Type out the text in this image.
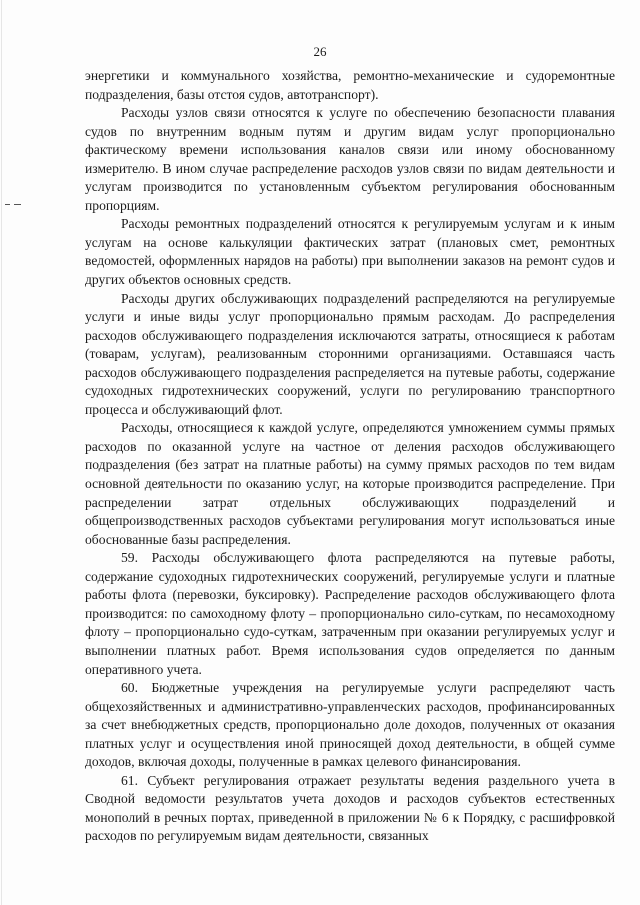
26

энергетики и коммунального хозяйства, ремонтно-механические и судоремонтные подразделения, базы отстоя судов, автотранспорт).

Расходы узлов связи относятся к услуге по обеспечению безопасности плавания судов по внутренним водным путям и другим видам услуг пропорционально фактическому времени использования каналов связи или иному обоснованному измерителю. В ином случае распределение расходов узлов связи по видам деятельности и услугам производится по установленным субъектом регулирования обоснованным пропорциям.

Расходы ремонтных подразделений относятся к регулируемым услугам и к иным услугам на основе калькуляции фактических затрат (плановых смет, ремонтных ведомостей, оформленных нарядов на работы) при выполнении заказов на ремонт судов и других объектов основных средств.

Расходы других обслуживающих подразделений распределяются на регулируемые услуги и иные виды услуг пропорционально прямым расходам. До распределения расходов обслуживающего подразделения исключаются затраты, относящиеся к работам (товарам, услугам), реализованным сторонними организациями. Оставшаяся часть расходов обслуживающего подразделения распределяется на путевые работы, содержание судоходных гидротехнических сооружений, услуги по регулированию транспортного процесса и обслуживающий флот.

Расходы, относящиеся к каждой услуге, определяются умножением суммы прямых расходов по оказанной услуге на частное от деления расходов обслуживающего подразделения (без затрат на платные работы) на сумму прямых расходов по тем видам основной деятельности по оказанию услуг, на которые производится распределение. При распределении затрат отдельных обслуживающих подразделений и общепроизводственных расходов субъектами регулирования могут использоваться иные обоснованные базы распределения.

59. Расходы обслуживающего флота распределяются на путевые работы, содержание судоходных гидротехнических сооружений, регулируемые услуги и платные работы флота (перевозки, буксировку). Распределение расходов обслуживающего флота производится: по самоходному флоту – пропорционально сило-суткам, по несамоходному флоту – пропорционально судо-суткам, затраченным при оказании регулируемых услуг и выполнении платных работ. Время использования судов определяется по данным оперативного учета.

60. Бюджетные учреждения на регулируемые услуги распределяют часть общехозяйственных и административно-управленческих расходов, профинансированных за счет внебюджетных средств, пропорционально доле доходов, полученных от оказания платных услуг и осуществления иной приносящей доход деятельности, в общей сумме доходов, включая доходы, полученные в рамках целевого финансирования.

61. Субъект регулирования отражает результаты ведения раздельного учета в Сводной ведомости результатов учета доходов и расходов субъектов естественных монополий в речных портах, приведенной в приложении № 6 к Порядку, с расшифровкой расходов по регулируемым видам деятельности, связанных
